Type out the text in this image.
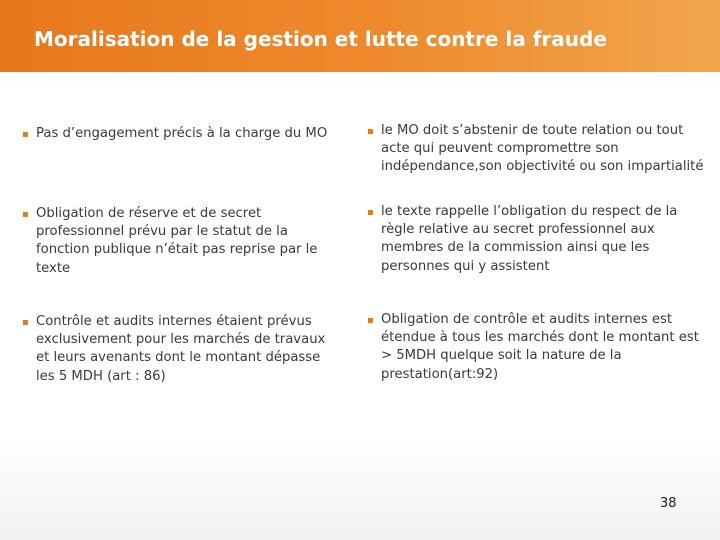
Moralisation de la gestion et lutte contre la fraude
▪ Pas d’engagement précis à la charge du MO
▪ Obligation de réserve et de secret professionnel prévu par le statut de la fonction publique n’était pas reprise par le texte
▪ Contrôle et audits internes étaient prévus exclusivement pour les marchés de travaux et leurs avenants dont le montant dépasse les 5 MDH (art : 86)
▪ le MO doit s’abstenir de toute relation ou tout acte qui peuvent compromettre son indépendance,son objectivité ou son impartialité
▪ le texte rappelle l’obligation du respect de la règle relative au secret professionnel aux membres de la commission ainsi que les personnes qui y assistent
▪ Obligation de contrôle et audits internes est étendue à tous les marchés dont le montant est > 5MDH quelque soit la nature de la prestation(art:92)
38
